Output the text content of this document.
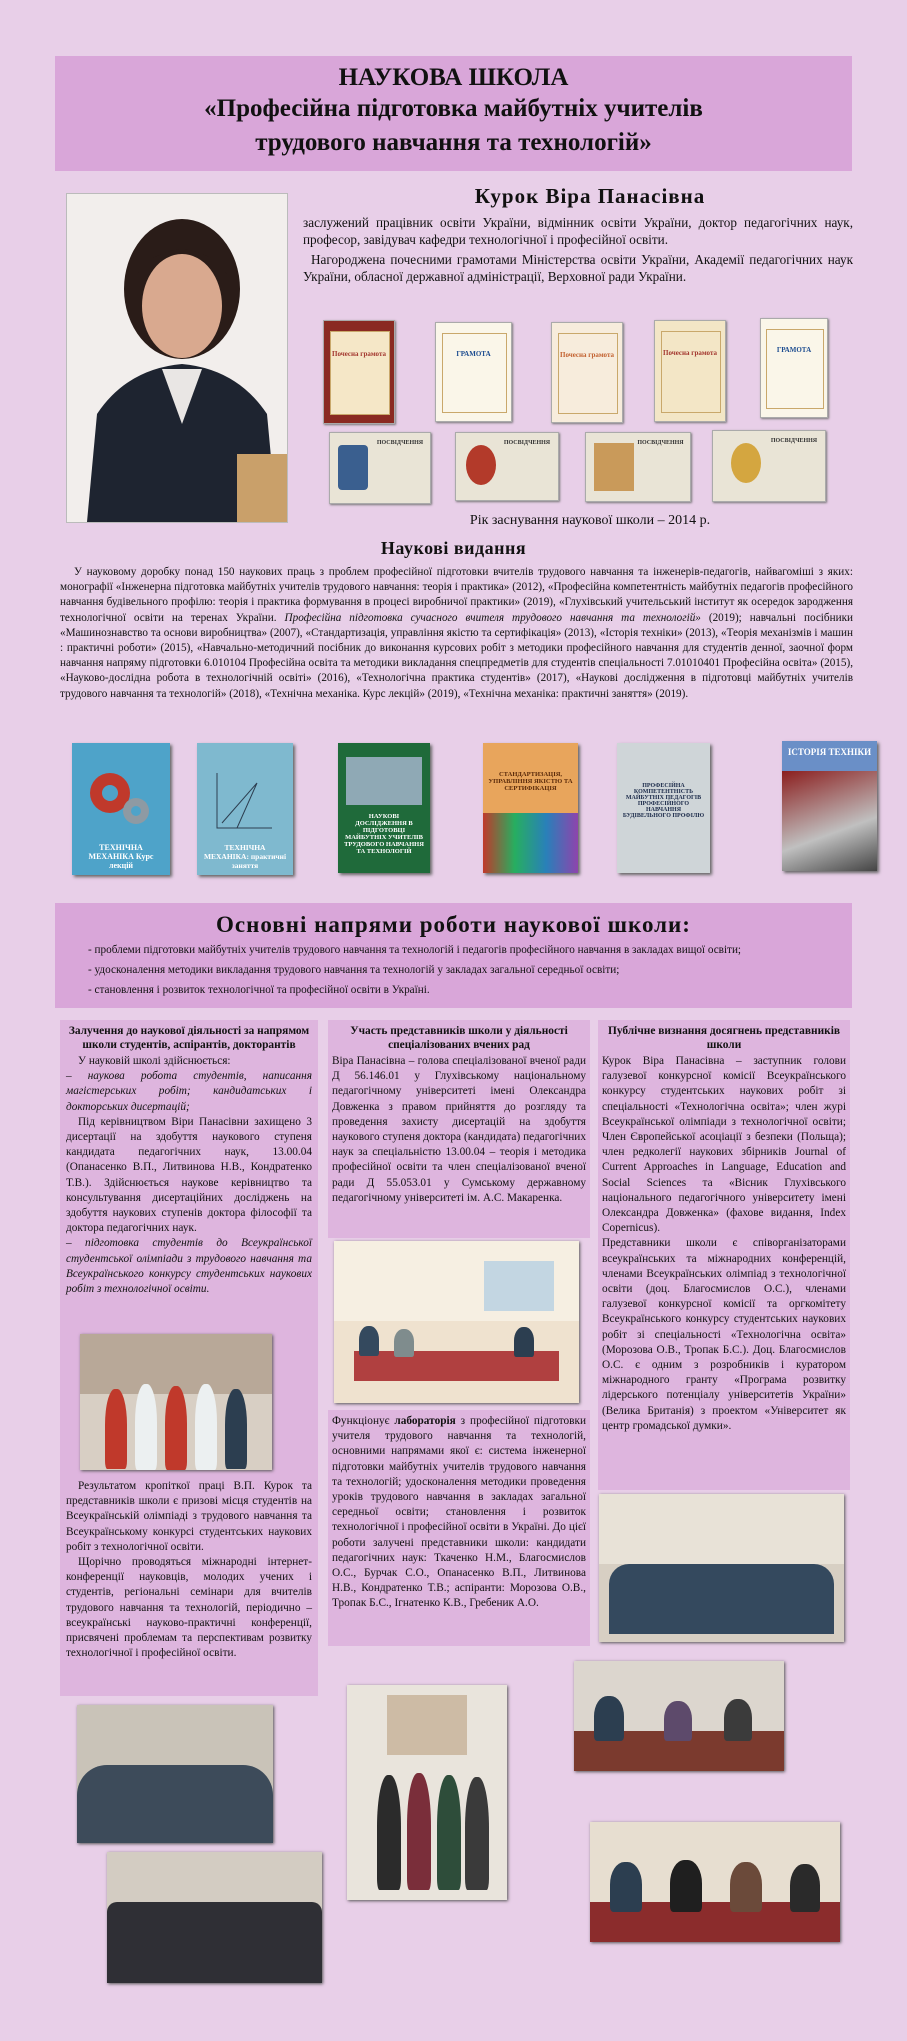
НАУКОВА ШКОЛА
«Професійна підготовка майбутніх учителів
трудового навчання та технологій»
Курок Віра Панасівна
заслужений працівник освіти України, відмінник освіти України, доктор педагогічних наук, професор, завідувач кафедри технологічної і професійної освіти.
Нагороджена почесними грамотами Міністерства освіти України, Академії педагогічних наук України, обласної державної адміністрації, Верховної ради України.
Почесна грамота	ГРАМОТА	Почесна грамота	Почесна грамота	ГРАМОТА
ПОСВІДЧЕННЯ	ПОСВІДЧЕННЯ	ПОСВІДЧЕННЯ	ПОСВІДЧЕННЯ
Рік заснування наукової школи – 2014 р.
Наукові видання
У науковому доробку понад 150 наукових праць з проблем професійної підготовки вчителів трудового навчання та інженерів-педагогів, найвагоміші з яких: монографії «Інженерна підготовка майбутніх учителів трудового навчання: теорія і практика» (2012), «Професійна компетентність майбутніх педагогів професійного навчання будівельного профілю: теорія і практика формування в процесі виробничої практики» (2019), «Глухівський учительський інститут як осередок зародження технологічної освіти на теренах України. Професійна підготовка сучасного вчителя трудового навчання та технологій» (2019); навчальні посібники «Машинознавство та основи виробництва» (2007), «Стандартизація, управління якістю та сертифікація» (2013), «Історія техніки» (2013), «Теорія механізмів і машин : практичні роботи» (2015), «Навчально-методичний посібник до виконання курсових робіт з методики професійного навчання для студентів денної, заочної форм навчання напряму підготовки 6.010104 Професійна освіта та методики викладання спецпредметів для студентів спеціальності 7.01010401 Професійна освіта» (2015), «Науково-дослідна робота в технологічній освіті» (2016), «Технологічна практика студентів» (2017), «Наукові дослідження в підготовці майбутніх учителів трудового навчання та технологій» (2018), «Технічна механіка. Курс лекцій» (2019), «Технічна механіка: практичні заняття» (2019).
ТЕХНІЧНА МЕХАНІКА Курс лекцій
ТЕХНІЧНА МЕХАНІКА: практичні заняття
НАУКОВІ ДОСЛІДЖЕННЯ В ПІДГОТОВЦІ МАЙБУТНІХ УЧИТЕЛІВ ТРУДОВОГО НАВЧАННЯ ТА ТЕХНОЛОГІЙ
СТАНДАРТИЗАЦІЯ, УПРАВЛІННЯ ЯКІСТЮ ТА СЕРТИФІКАЦІЯ	ПРОФЕСІЙНА КОМПЕТЕНТНІСТЬ МАЙБУТНІХ ПЕДАГОГІВ ПРОФЕСІЙНОГО НАВЧАННЯ БУДІВЕЛЬНОГО ПРОФІЛЮ
ІСТОРІЯ ТЕХНІКИ
Основні напрями роботи наукової школи:
- проблеми підготовки майбутніх учителів трудового навчання та технологій і педагогів професійного навчання в закладах вищої освіти;
- удосконалення методики викладання трудового навчання та технологій у закладах загальної середньої освіти;
- становлення і розвиток технологічної та професійної освіти в Україні.
Залучення до наукової діяльності за напрямом школи студентів, аспірантів, докторантів
У науковій школі здійснюється:
– наукова робота студентів, написання магістерських робіт; кандидатських і докторських дисертацій;
Під керівництвом Віри Панасівни захищено 3 дисертації на здобуття наукового ступеня кандидата педагогічних наук, 13.00.04 (Опанасенко В.П., Литвинова Н.В., Кондратенко Т.В.). Здійснюється наукове керівництво та консультування дисертаційних досліджень на здобуття наукових ступенів доктора філософії та доктора педагогічних наук.
– підготовка студентів до Всеукраїнської студентської олімпіади з трудового навчання та Всеукраїнського конкурсу студентських наукових робіт з технологічної освіти.
Результатом кропіткої праці В.П. Курок та представників школи є призові місця студентів на Всеукраїнській олімпіаді з трудового навчання та Всеукраїнському конкурсі студентських наукових робіт з технологічної освіти.
Щорічно проводяться міжнародні інтернет-конференції науковців, молодих учених і студентів, регіональні семінари для вчителів трудового навчання та технологій, періодично – всеукраїнські науково-практичні конференції, присвячені проблемам та перспективам розвитку технологічної і професійної освіти.
Участь представників школи у діяльності спеціалізованих вчених рад
Віра Панасівна – голова спеціалізованої вченої ради Д 56.146.01 у Глухівському національному педагогічному університеті імені Олександра Довженка з правом прийняття до розгляду та проведення захисту дисертацій на здобуття наукового ступеня доктора (кандидата) педагогічних наук за спеціальністю 13.00.04 – теорія і методика професійної освіти та член спеціалізованої вченої ради Д 55.053.01 у Сумському державному педагогічному університеті ім. А.С. Макаренка.
Функціонує лабораторія з професійної підготовки учителя трудового навчання та технологій, основними напрямами якої є: система інженерної підготовки майбутніх учителів трудового навчання та технологій; удосконалення методики проведення уроків трудового навчання в закладах загальної середньої освіти; становлення і розвиток технологічної і професійної освіти в Україні. До цієї роботи залучені представники школи: кандидати педагогічних наук: Ткаченко Н.М., Благосмислов О.С., Бурчак С.О., Опанасенко В.П., Литвинова Н.В., Кондратенко Т.В.; аспіранти: Морозова О.В., Тропак Б.С., Ігнатенко К.В., Гребеник А.О.
Публічне визнання досягнень представників школи
Курок Віра Панасівна – заступник голови галузевої конкурсної комісії Всеукраїнського конкурсу студентських наукових робіт зі спеціальності «Технологічна освіта»; член журі Всеукраїнської олімпіади з технологічної освіти; Член Європейської асоціації з безпеки (Польща); член редколегії наукових збірників Journal of Current Approaches in Language, Education and Social Sciences та «Вісник Глухівського національного педагогічного університету імені Олександра Довженка» (фахове видання, Index Copernicus).
Представники школи є співорганізаторами всеукраїнських та міжнародних конференцій, членами Всеукраїнських олімпіад з технологічної освіти (доц. Благосмислов О.С.), членами галузевої конкурсної комісії та оргкомітету Всеукраїнського конкурсу студентських наукових робіт зі спеціальності «Технологічна освіта» (Морозова О.В., Тропак Б.С.). Доц. Благосмислов О.С. є одним з розробників і куратором міжнародного гранту «Програма розвитку лідерського потенціалу університетів України» (Велика Британія) з проектом «Університет як центр громадської думки».
